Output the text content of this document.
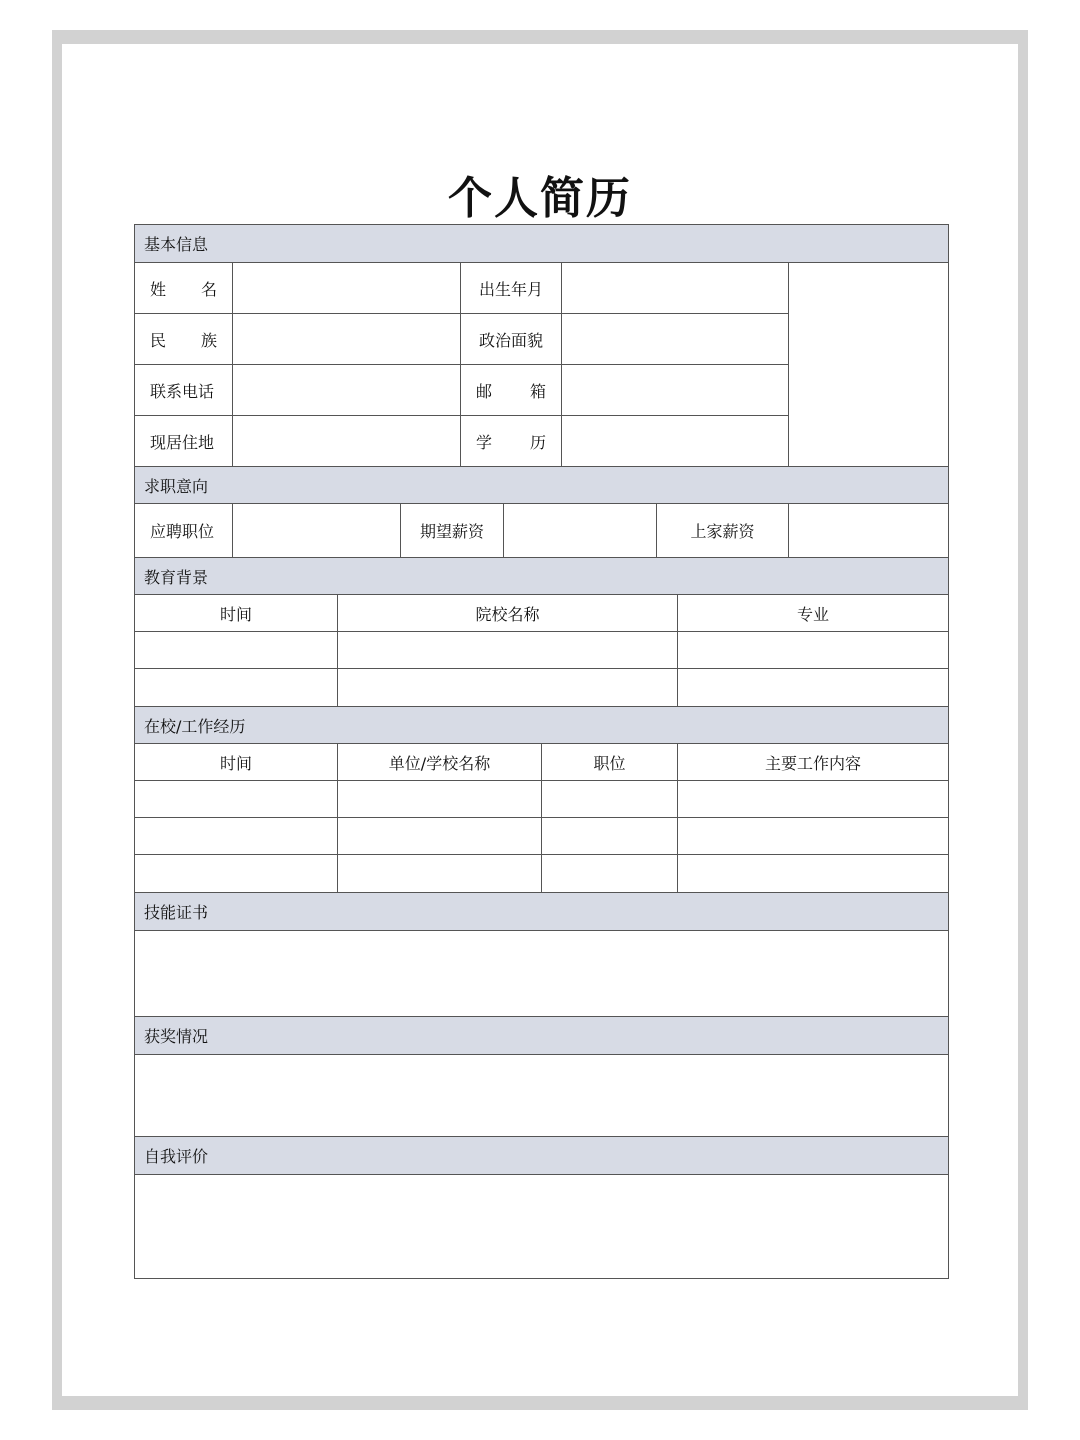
个人简历
基本信息
姓 名	出生年月
民 族	政治面貌
联系电话	邮 箱
现居住地	学 历
求职意向
应聘职位	期望薪资	上家薪资
教育背景
时间	院校名称	专业
在校/工作经历
时间	单位/学校名称	职位	主要工作内容
技能证书
获奖情况
自我评价
